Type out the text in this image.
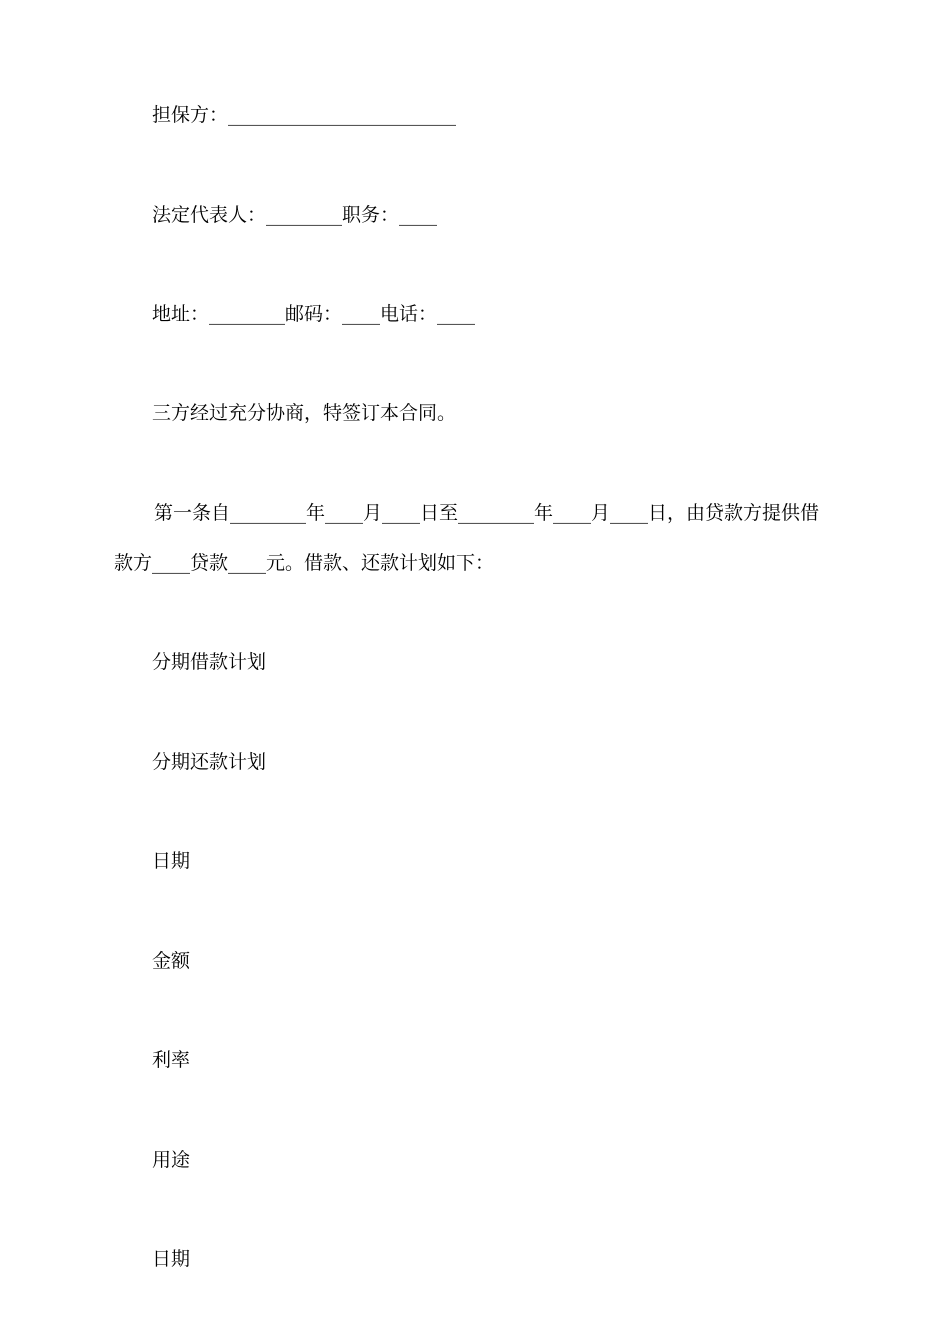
担保方：________________________
法定代表人：________职务：____
地址：________邮码：____电话：____
三方经过充分协商，特签订本合同。
第一条自________年____月____日至________年____月____日，由贷款方提供借
款方____贷款____元。借款、还款计划如下：
分期借款计划
分期还款计划
日期
金额
利率
用途
日期
